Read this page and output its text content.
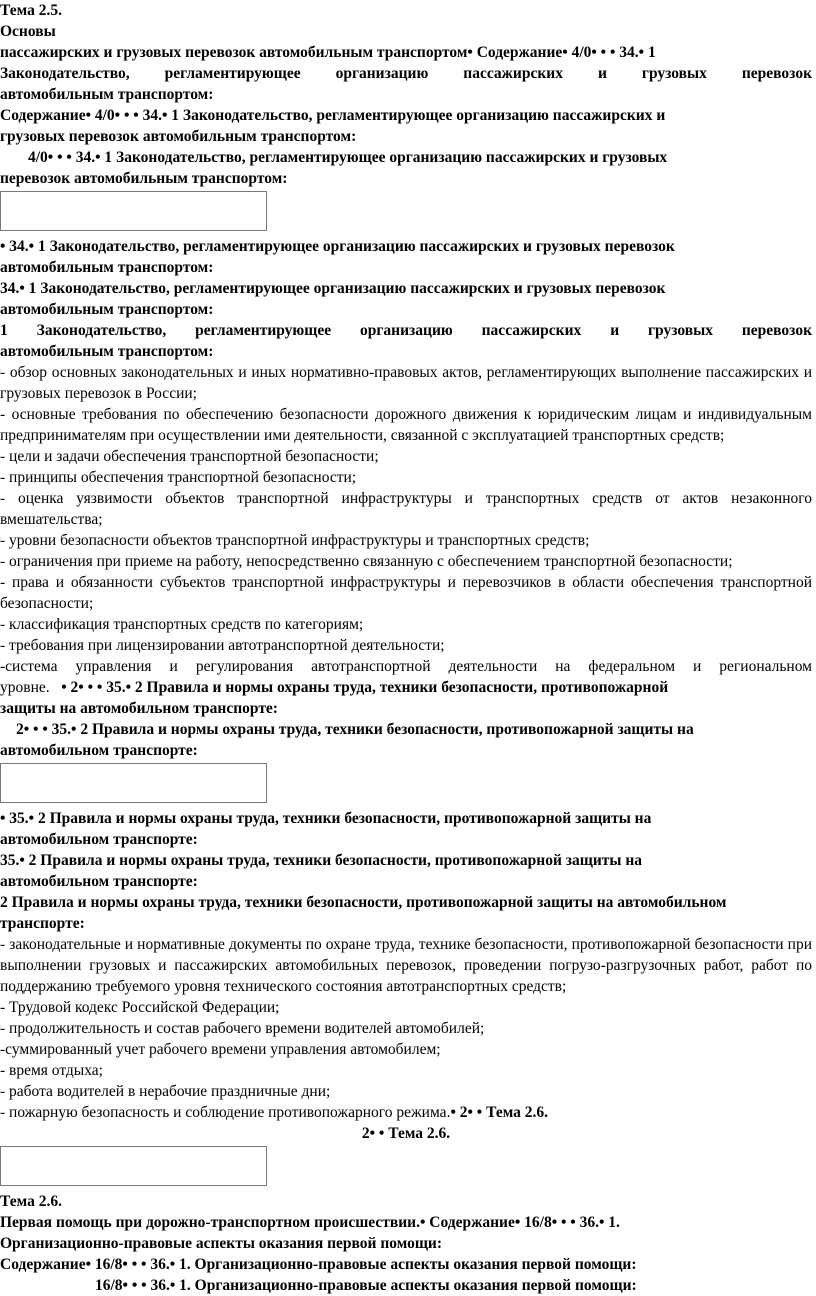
Тема 2.5.

Основы

пассажирских и грузовых перевозок автомобильным транспортом• Содержание• 4/0• • • 34.• 1

Законодательство, регламентирующее организацию пассажирских и грузовых перевозок

автомобильным транспортом:

Содержание• 4/0• • • 34.• 1 Законодательство, регламентирующее организацию пассажирских и

грузовых перевозок автомобильным транспортом:

4/0• • • 34.• 1 Законодательство, регламентирующее организацию пассажирских и грузовых

перевозок автомобильным транспортом:

• 34.• 1 Законодательство, регламентирующее организацию пассажирских и грузовых перевозок

автомобильным транспортом:

34.• 1 Законодательство, регламентирующее организацию пассажирских и грузовых перевозок

автомобильным транспортом:

1 Законодательство, регламентирующее организацию пассажирских и грузовых перевозок

автомобильным транспортом:

- обзор основных законодательных и иных нормативно-правовых актов, регламентирующих выполнение пассажирских и грузовых перевозок в России;

- основные требования по обеспечению безопасности дорожного движения к юридическим лицам и индивидуальным предпринимателям при осуществлении ими деятельности, связанной с эксплуатацией транспортных средств;

- цели и задачи обеспечения транспортной безопасности;

- принципы обеспечения транспортной безопасности;

- оценка уязвимости объектов транспортной инфраструктуры и транспортных средств от актов незаконного вмешательства;

- уровни безопасности объектов транспортной инфраструктуры и транспортных средств;

- ограничения при приеме на работу, непосредственно связанную с обеспечением транспортной безопасности;

- права и обязанности субъектов транспортной инфраструктуры и перевозчиков в области обеспечения транспортной безопасности;

- классификация транспортных средств по категориям;

- требования при лицензировании автотранспортной деятельности;

-система управления и регулирования автотранспортной деятельности на федеральном и региональном

уровне. • 2• • • 35.• 2 Правила и нормы охраны труда, техники безопасности, противопожарной

защиты на автомобильном транспорте:

2• • • 35.• 2 Правила и нормы охраны труда, техники безопасности, противопожарной защиты на

автомобильном транспорте:

• 35.• 2 Правила и нормы охраны труда, техники безопасности, противопожарной защиты на

автомобильном транспорте:

35.• 2 Правила и нормы охраны труда, техники безопасности, противопожарной защиты на

автомобильном транспорте:

2 Правила и нормы охраны труда, техники безопасности, противопожарной защиты на автомобильном

транспорте:

- законодательные и нормативные документы по охране труда, технике безопасности, противопожарной безопасности при выполнении грузовых и пассажирских автомобильных перевозок, проведении погрузо-разгрузочных работ, работ по поддержанию требуемого уровня технического состояния автотранспортных средств;

- Трудовой кодекс Российской Федерации;

- продолжительность и состав рабочего времени водителей автомобилей;

-суммированный учет рабочего времени управления автомобилем;

- время отдыха;

- работа водителей в нерабочие праздничные дни;

- пожарную безопасность и соблюдение противопожарного режима.• 2• • Тема 2.6.

2• • Тема 2.6.

Тема 2.6.

Первая помощь при дорожно-транспортном происшествии.• Содержание• 16/8• • • 36.• 1.

Организационно-правовые аспекты оказания первой помощи:

Содержание• 16/8• • • 36.• 1. Организационно-правовые аспекты оказания первой помощи:

16/8• • • 36.• 1. Организационно-правовые аспекты оказания первой помощи:
